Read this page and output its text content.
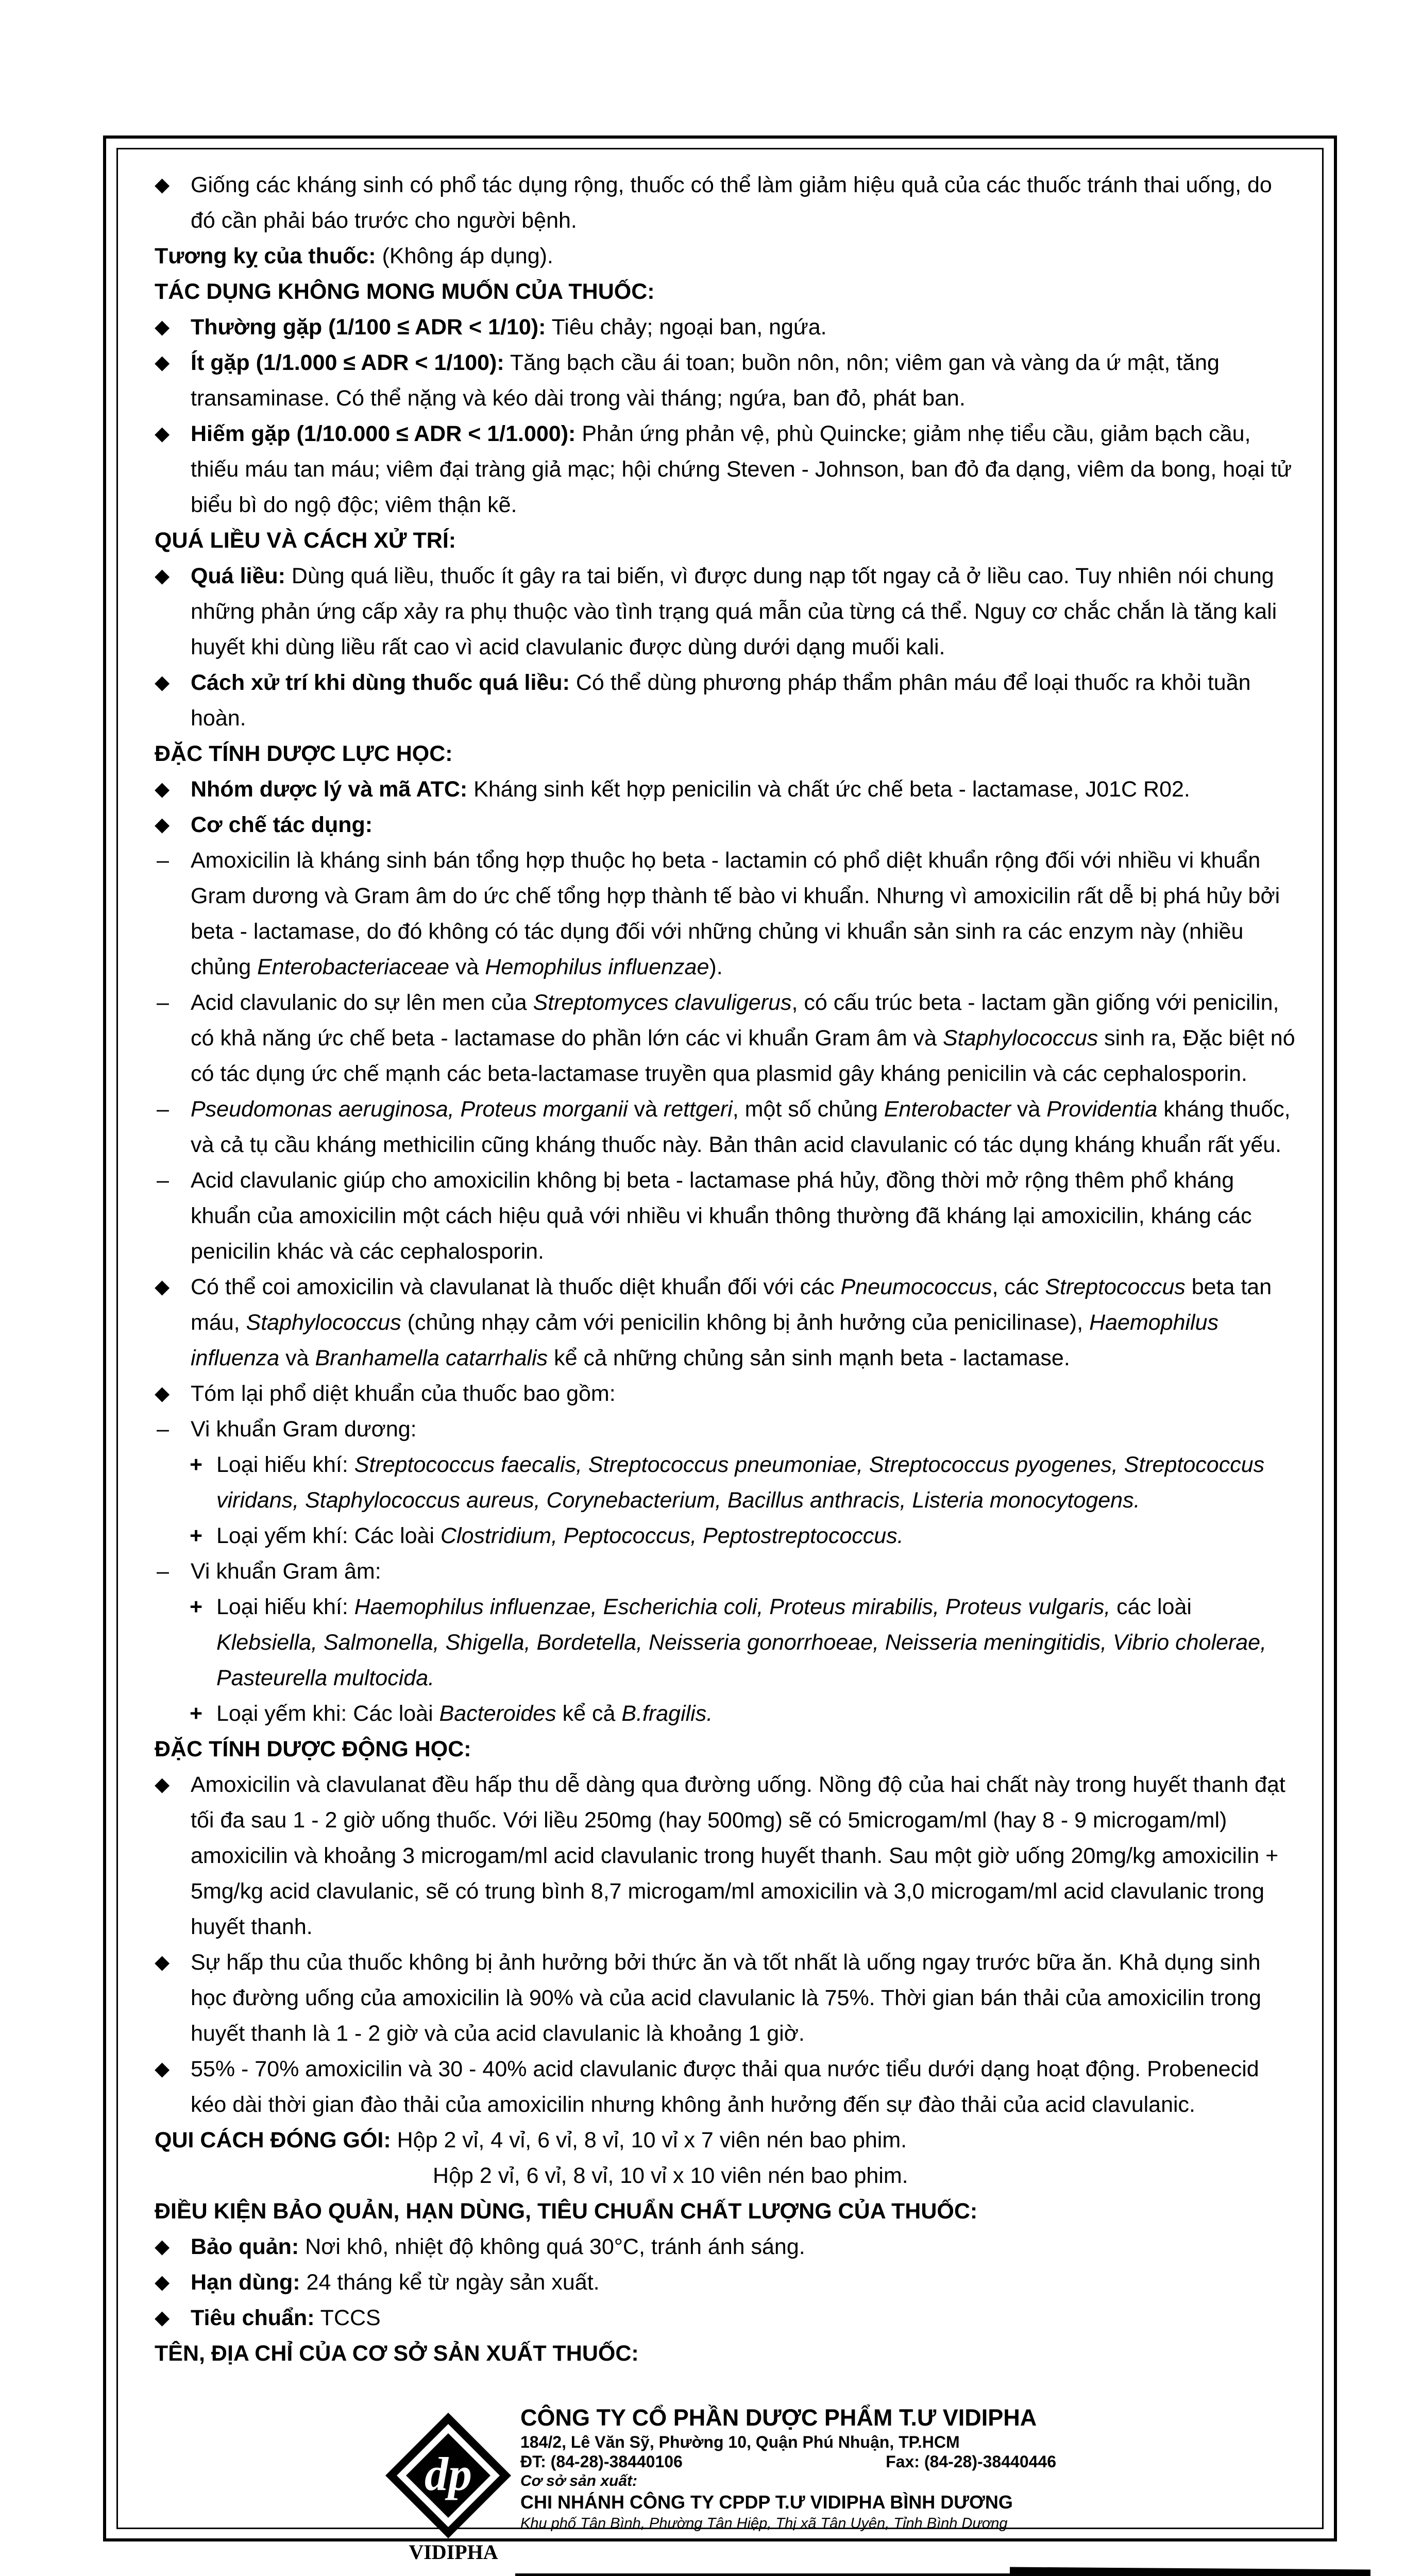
◆ Giống các kháng sinh có phổ tác dụng rộng, thuốc có thể làm giảm hiệu quả của các thuốc tránh thai uống, do đó cần phải báo trước cho người bệnh.
Tương kỵ của thuốc: (Không áp dụng).
TÁC DỤNG KHÔNG MONG MUỐN CỦA THUỐC:
◆ Thường gặp (1/100 ≤ ADR < 1/10): Tiêu chảy; ngoại ban, ngứa.
◆ Ít gặp (1/1.000 ≤ ADR < 1/100): Tăng bạch cầu ái toan; buồn nôn, nôn; viêm gan và vàng da ứ mật, tăng transaminase. Có thể nặng và kéo dài trong vài tháng; ngứa, ban đỏ, phát ban.
◆ Hiếm gặp (1/10.000 ≤ ADR < 1/1.000): Phản ứng phản vệ, phù Quincke; giảm nhẹ tiểu cầu, giảm bạch cầu, thiếu máu tan máu; viêm đại tràng giả mạc; hội chứng Steven - Johnson, ban đỏ đa dạng, viêm da bong, hoại tử biểu bì do ngộ độc; viêm thận kẽ.
QUÁ LIỀU VÀ CÁCH XỬ TRÍ:
◆ Quá liều: Dùng quá liều, thuốc ít gây ra tai biến, vì được dung nạp tốt ngay cả ở liều cao. Tuy nhiên nói chung những phản ứng cấp xảy ra phụ thuộc vào tình trạng quá mẫn của từng cá thể. Nguy cơ chắc chắn là tăng kali huyết khi dùng liều rất cao vì acid clavulanic được dùng dưới dạng muối kali.
◆ Cách xử trí khi dùng thuốc quá liều: Có thể dùng phương pháp thẩm phân máu để loại thuốc ra khỏi tuần hoàn.
ĐẶC TÍNH DƯỢC LỰC HỌC:
◆ Nhóm dược lý và mã ATC: Kháng sinh kết hợp penicilin và chất ức chế beta - lactamase, J01C R02.
◆ Cơ chế tác dụng:
– Amoxicilin là kháng sinh bán tổng hợp thuộc họ beta - lactamin có phổ diệt khuẩn rộng đối với nhiều vi khuẩn Gram dương và Gram âm do ức chế tổng hợp thành tế bào vi khuẩn. Nhưng vì amoxicilin rất dễ bị phá hủy bởi beta - lactamase, do đó không có tác dụng đối với những chủng vi khuẩn sản sinh ra các enzym này (nhiều chủng Enterobacteriaceae và Hemophilus influenzae).
– Acid clavulanic do sự lên men của Streptomyces clavuligerus, có cấu trúc beta - lactam gần giống với penicilin, có khả năng ức chế beta - lactamase do phần lớn các vi khuẩn Gram âm và Staphylococcus sinh ra, Đặc biệt nó có tác dụng ức chế mạnh các beta-lactamase truyền qua plasmid gây kháng penicilin và các cephalosporin.
– Pseudomonas aeruginosa, Proteus morganii và rettgeri, một số chủng Enterobacter và Providentia kháng thuốc, và cả tụ cầu kháng methicilin cũng kháng thuốc này. Bản thân acid clavulanic có tác dụng kháng khuẩn rất yếu.
– Acid clavulanic giúp cho amoxicilin không bị beta - lactamase phá hủy, đồng thời mở rộng thêm phổ kháng khuẩn của amoxicilin một cách hiệu quả với nhiều vi khuẩn thông thường đã kháng lại amoxicilin, kháng các penicilin khác và các cephalosporin.
◆ Có thể coi amoxicilin và clavulanat là thuốc diệt khuẩn đối với các Pneumococcus, các Streptococcus beta tan máu, Staphylococcus (chủng nhạy cảm với penicilin không bị ảnh hưởng của penicilinase), Haemophilus influenza và Branhamella catarrhalis kể cả những chủng sản sinh mạnh beta - lactamase.
◆ Tóm lại phổ diệt khuẩn của thuốc bao gồm:
– Vi khuẩn Gram dương:
+ Loại hiếu khí: Streptococcus faecalis, Streptococcus pneumoniae, Streptococcus pyogenes, Streptococcus viridans, Staphylococcus aureus, Corynebacterium, Bacillus anthracis, Listeria monocytogens.
+ Loại yếm khí: Các loài Clostridium, Peptococcus, Peptostreptococcus.
– Vi khuẩn Gram âm:
+ Loại hiếu khí: Haemophilus influenzae, Escherichia coli, Proteus mirabilis, Proteus vulgaris, các loài Klebsiella, Salmonella, Shigella, Bordetella, Neisseria gonorrhoeae, Neisseria meningitidis, Vibrio cholerae, Pasteurella multocida.
+ Loại yếm khi: Các loài Bacteroides kể cả B.fragilis.
ĐẶC TÍNH DƯỢC ĐỘNG HỌC:
◆ Amoxicilin và clavulanat đều hấp thu dễ dàng qua đường uống. Nồng độ của hai chất này trong huyết thanh đạt tối đa sau 1 - 2 giờ uống thuốc. Với liều 250mg (hay 500mg) sẽ có 5microgam/ml (hay 8 - 9 microgam/ml) amoxicilin và khoảng 3 microgam/ml acid clavulanic trong huyết thanh. Sau một giờ uống 20mg/kg amoxicilin + 5mg/kg acid clavulanic, sẽ có trung bình 8,7 microgam/ml amoxicilin và 3,0 microgam/ml acid clavulanic trong huyết thanh.
◆ Sự hấp thu của thuốc không bị ảnh hưởng bởi thức ăn và tốt nhất là uống ngay trước bữa ăn. Khả dụng sinh học đường uống của amoxicilin là 90% và của acid clavulanic là 75%. Thời gian bán thải của amoxicilin trong huyết thanh là 1 - 2 giờ và của acid clavulanic là khoảng 1 giờ.
◆ 55% - 70% amoxicilin và 30 - 40% acid clavulanic được thải qua nước tiểu dưới dạng hoạt động. Probenecid kéo dài thời gian đào thải của amoxicilin nhưng không ảnh hưởng đến sự đào thải của acid clavulanic.
QUI CÁCH ĐÓNG GÓI: Hộp 2 vỉ, 4 vỉ, 6 vỉ, 8 vỉ, 10 vỉ x 7 viên nén bao phim.
Hộp 2 vỉ, 6 vỉ, 8 vỉ, 10 vỉ x 10 viên nén bao phim.
ĐIỀU KIỆN BẢO QUẢN, HẠN DÙNG, TIÊU CHUẨN CHẤT LƯỢNG CỦA THUỐC:
◆ Bảo quản: Nơi khô, nhiệt độ không quá 30°C, tránh ánh sáng.
◆ Hạn dùng: 24 tháng kể từ ngày sản xuất.
◆ Tiêu chuẩn: TCCS
TÊN, ĐỊA CHỈ CỦA CƠ SỞ SẢN XUẤT THUỐC:
dp
VIDIPHA
CÔNG TY CỔ PHẦN DƯỢC PHẨM T.Ư VIDIPHA
184/2, Lê Văn Sỹ, Phường 10, Quận Phú Nhuận, TP.HCM
ĐT: (84-28)-38440106	Fax: (84-28)-38440446
Cơ sở sản xuất:
CHI NHÁNH CÔNG TY CPDP T.Ư VIDIPHA BÌNH DƯƠNG
Khu phố Tân Bình, Phường Tân Hiệp, Thị xã Tân Uyên, Tỉnh Bình Dương
